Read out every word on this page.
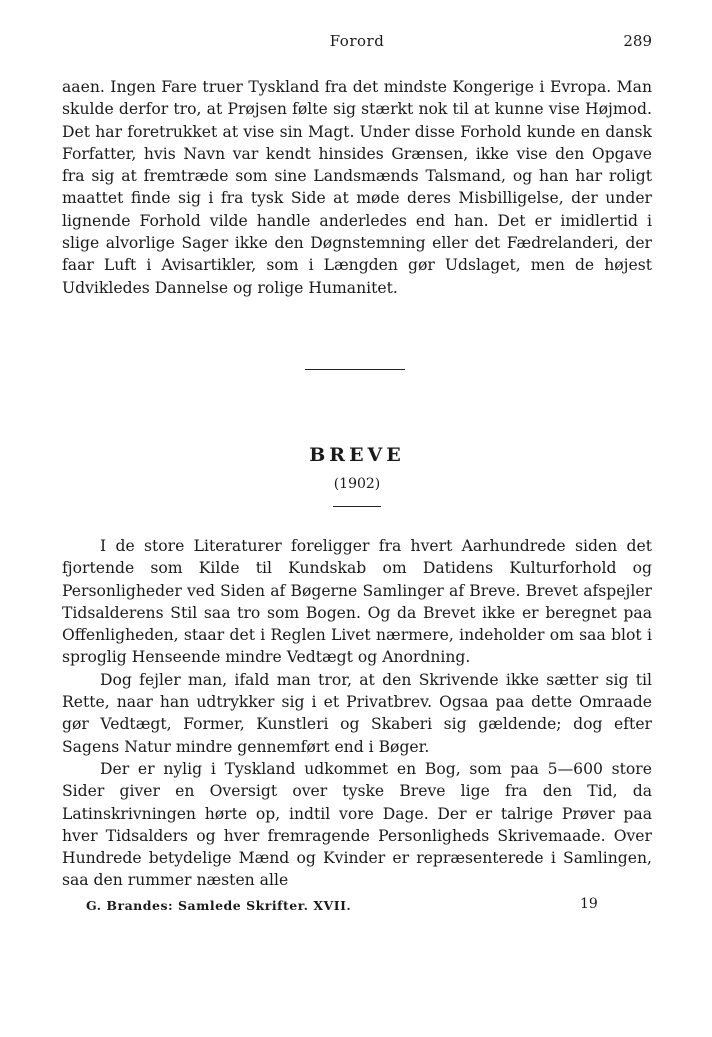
Forord	289

aaen. Ingen Fare truer Tyskland fra det mindste Kongerige i Evropa. Man skulde derfor tro, at Prøjsen følte sig stærkt nok til at kunne vise Højmod. Det har foretrukket at vise sin Magt. Under disse Forhold kunde en dansk Forfatter, hvis Navn var kendt hinsides Grænsen, ikke vise den Opgave fra sig at fremtræde som sine Landsmænds Talsmand, og han har roligt maattet finde sig i fra tysk Side at møde deres Misbilligelse, der under lignende Forhold vilde handle anderledes end han. Det er imidlertid i slige alvorlige Sager ikke den Døgnstemning eller det Fædrelanderi, der faar Luft i Avisartikler, som i Længden gør Udslaget, men de højest Udvikledes Dannelse og rolige Humanitet.

BREVE
(1902)

I de store Literaturer foreligger fra hvert Aarhundrede siden det fjortende som Kilde til Kundskab om Datidens Kulturforhold og Personligheder ved Siden af Bøgerne Samlinger af Breve. Brevet afspejler Tidsalderens Stil saa tro som Bogen. Og da Brevet ikke er beregnet paa Offenligheden, staar det i Reglen Livet nærmere, indeholder om saa blot i sproglig Henseende mindre Vedtægt og Anordning.

Dog fejler man, ifald man tror, at den Skrivende ikke sætter sig til Rette, naar han udtrykker sig i et Privatbrev. Ogsaa paa dette Omraade gør Vedtægt, Former, Kunstleri og Skaberi sig gældende; dog efter Sagens Natur mindre gennemført end i Bøger.

Der er nylig i Tyskland udkommet en Bog, som paa 5—600 store Sider giver en Oversigt over tyske Breve lige fra den Tid, da Latinskrivningen hørte op, indtil vore Dage. Der er talrige Prøver paa hver Tidsalders og hver fremragende Personligheds Skrivemaade. Over Hundrede betydelige Mænd og Kvinder er repræsenterede i Samlingen, saa den rummer næsten alle

G. Brandes: Samlede Skrifter. XVII.	19
